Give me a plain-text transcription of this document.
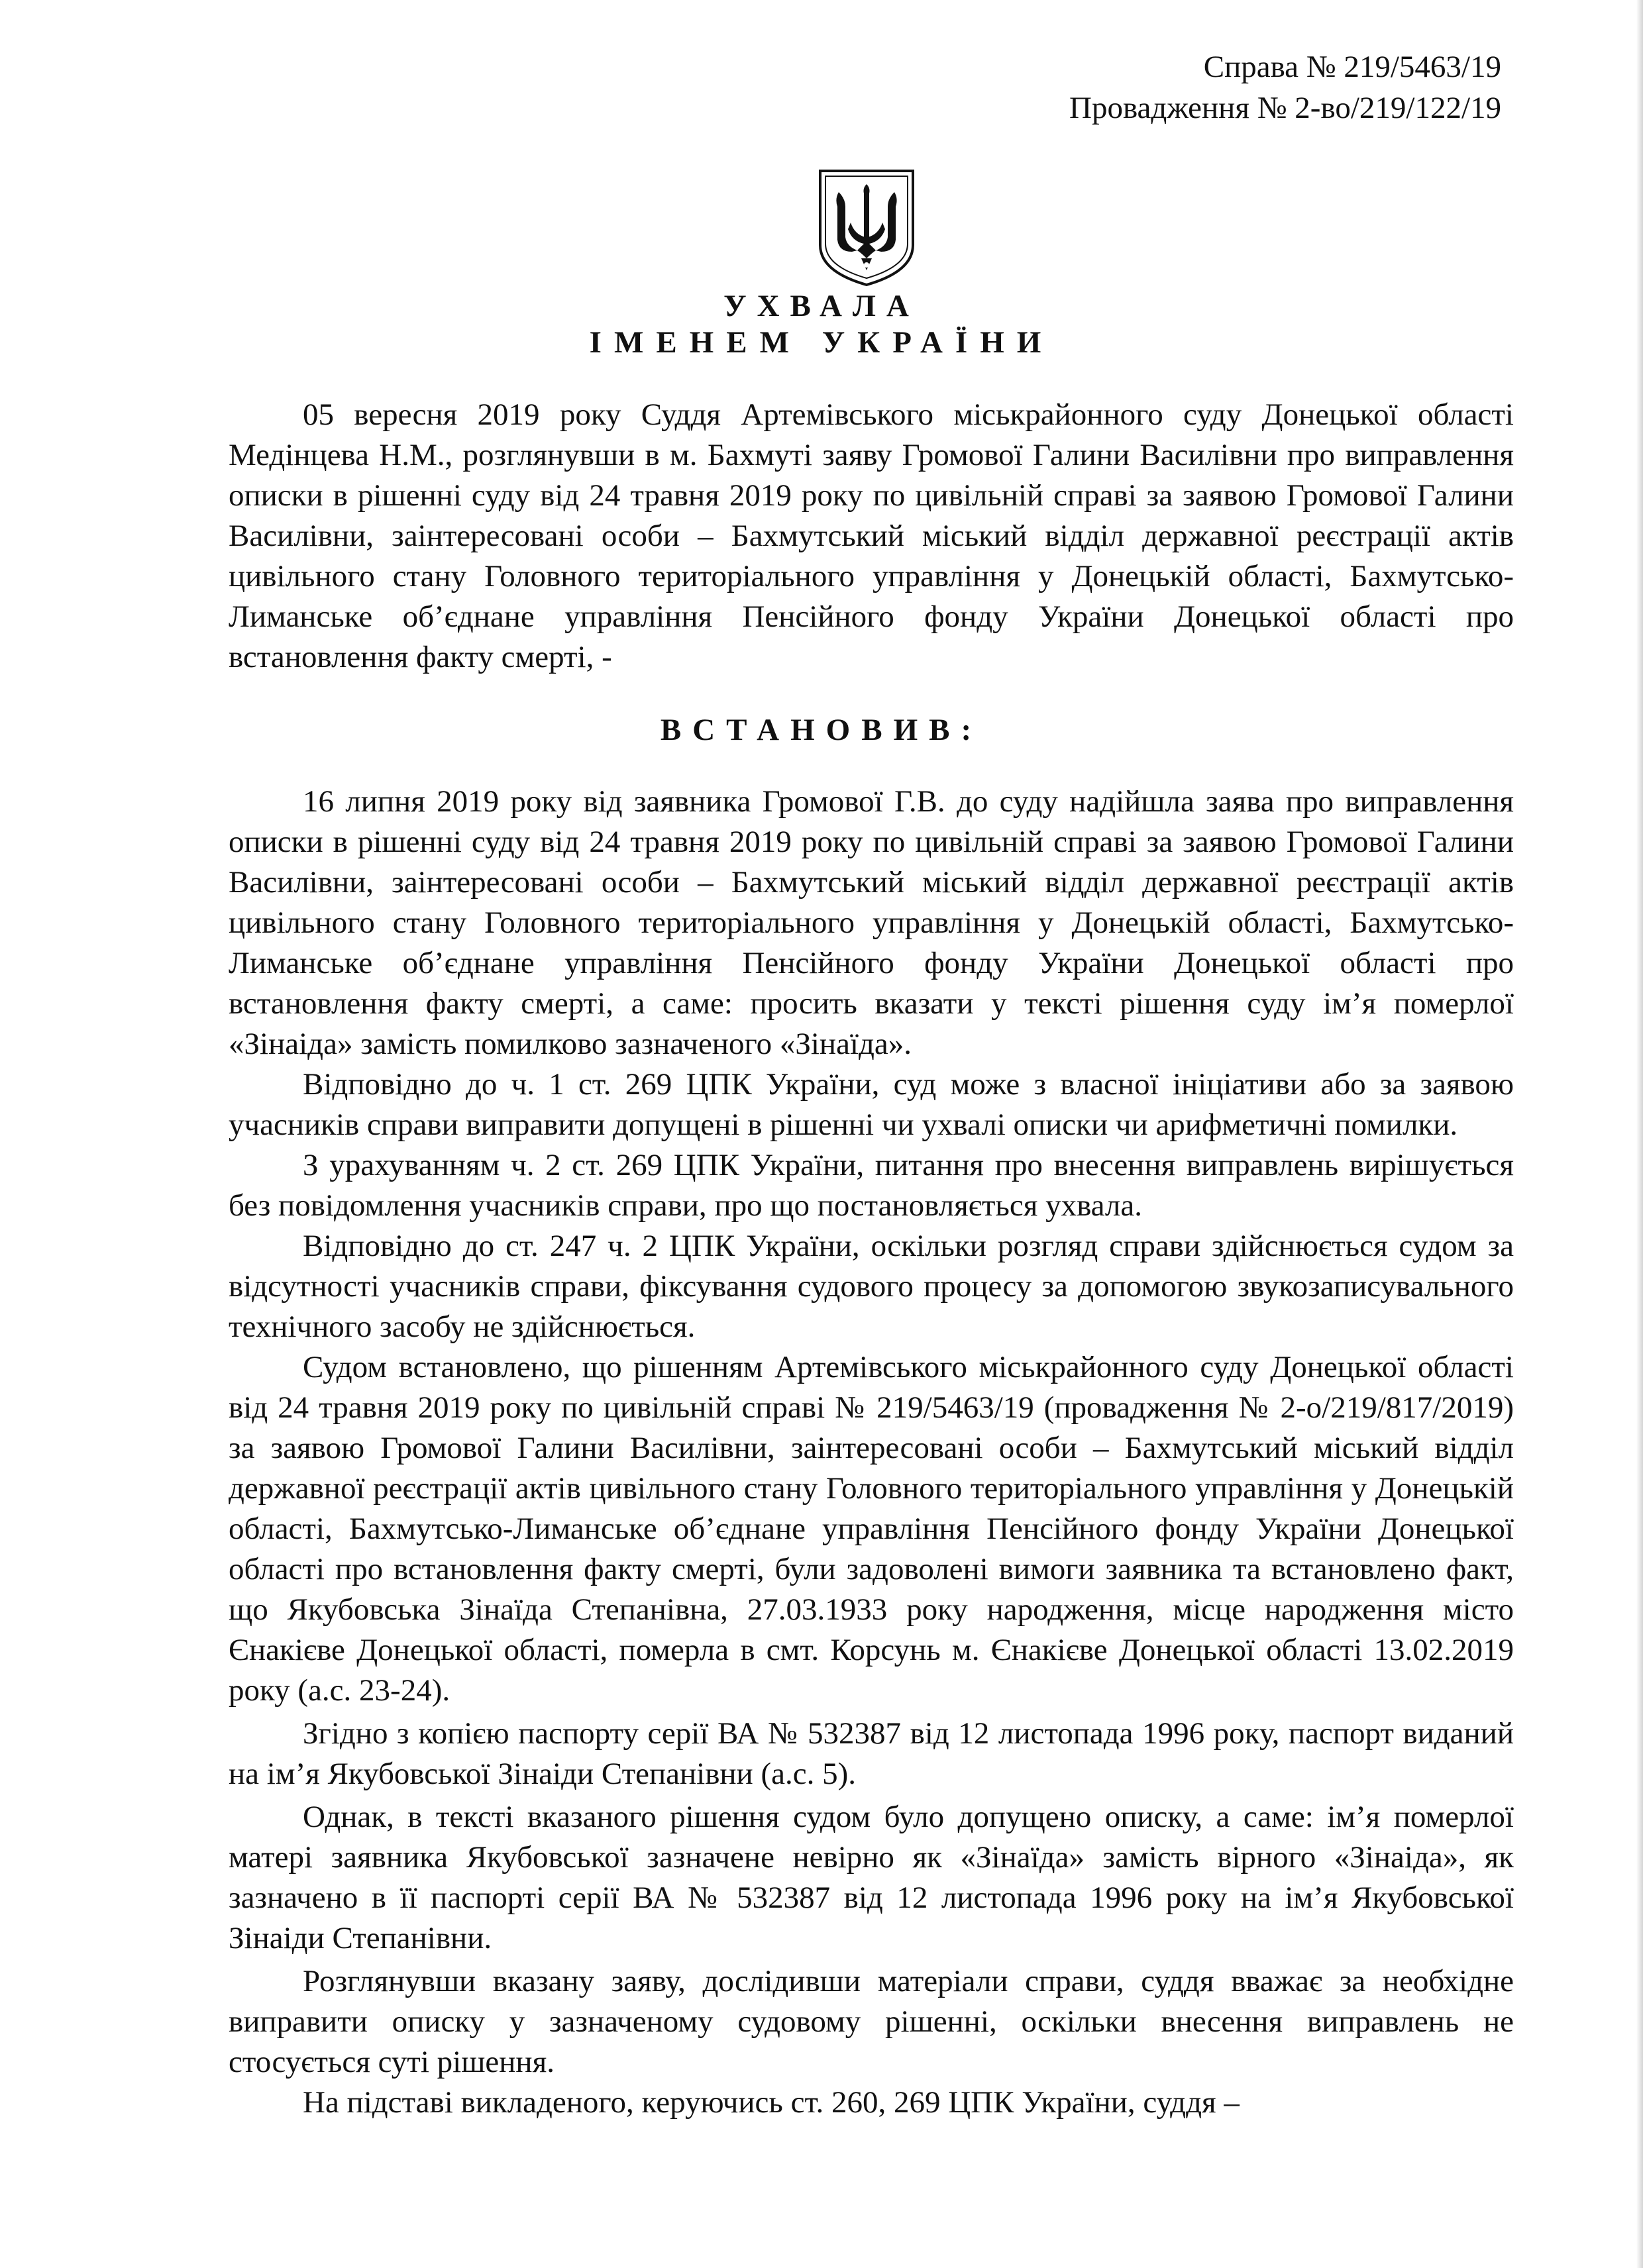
Справа № 219/5463/19
Провадження № 2-во/219/122/19
УХВАЛА
ІМЕНЕМ УКРАЇНИ

05 вересня 2019 року Суддя Артемівського міськрайонного суду Донецької області Медінцева Н.М., розглянувши в м. Бахмуті заяву Громової Галини Василівни про виправлення описки в рішенні суду від 24 травня 2019 року по цивільній справі за заявою Громової Галини Василівни, заінтересовані особи – Бахмутський міський відділ державної реєстрації актів цивільного стану Головного територіального управління у Донецькій області, Бахмутсько-Лиманське об’єднане управління Пенсійного фонду України Донецької області про встановлення факту смерті, -

ВСТАНОВИВ:

16 липня 2019 року від заявника Громової Г.В. до суду надійшла заява про виправлення описки в рішенні суду від 24 травня 2019 року по цивільній справі за заявою Громової Галини Василівни, заінтересовані особи – Бахмутський міський відділ державної реєстрації актів цивільного стану Головного територіального управління у Донецькій області, Бахмутсько-Лиманське об’єднане управління Пенсійного фонду України Донецької області про встановлення факту смерті, а саме: просить вказати у тексті рішення суду ім’я померлої «Зінаіда» замість помилково зазначеного «Зінаїда».

Відповідно до ч. 1 ст. 269 ЦПК України, суд може з власної ініціативи або за заявою учасників справи виправити допущені в рішенні чи ухвалі описки чи арифметичні помилки.

З урахуванням ч. 2 ст. 269 ЦПК України, питання про внесення виправлень вирішується без повідомлення учасників справи, про що постановляється ухвала.

Відповідно до ст. 247 ч. 2 ЦПК України, оскільки розгляд справи здійснюється судом за відсутності учасників справи, фіксування судового процесу за допомогою звукозаписувального технічного засобу не здійснюється.

Судом встановлено, що рішенням Артемівського міськрайонного суду Донецької області від 24 травня 2019 року по цивільній справі № 219/5463/19 (провадження № 2-о/219/817/2019) за заявою Громової Галини Василівни, заінтересовані особи – Бахмутський міський відділ державної реєстрації актів цивільного стану Головного територіального управління у Донецькій області, Бахмутсько-Лиманське об’єднане управління Пенсійного фонду України Донецької області про встановлення факту смерті, були задоволені вимоги заявника та встановлено факт, що Якубовська Зінаїда Степанівна, 27.03.1933 року народження, місце народження місто Єнакієве Донецької області, померла в смт. Корсунь м. Єнакієве Донецької області 13.02.2019 року (а.с. 23-24).

Згідно з копією паспорту серії ВА № 532387 від 12 листопада 1996 року, паспорт виданий на ім’я Якубовської Зінаіди Степанівни (а.с. 5).

Однак, в тексті вказаного рішення судом було допущено описку, а саме: ім’я померлої матері заявника Якубовської зазначене невірно як «Зінаїда» замість вірного «Зінаіда», як зазначено в її паспорті серії ВА № 532387 від 12 листопада 1996 року на ім’я Якубовської Зінаіди Степанівни.

Розглянувши вказану заяву, дослідивши матеріали справи, суддя вважає за необхідне виправити описку у зазначеному судовому рішенні, оскільки внесення виправлень не стосується суті рішення.

На підставі викладеного, керуючись ст. 260, 269 ЦПК України, суддя –
